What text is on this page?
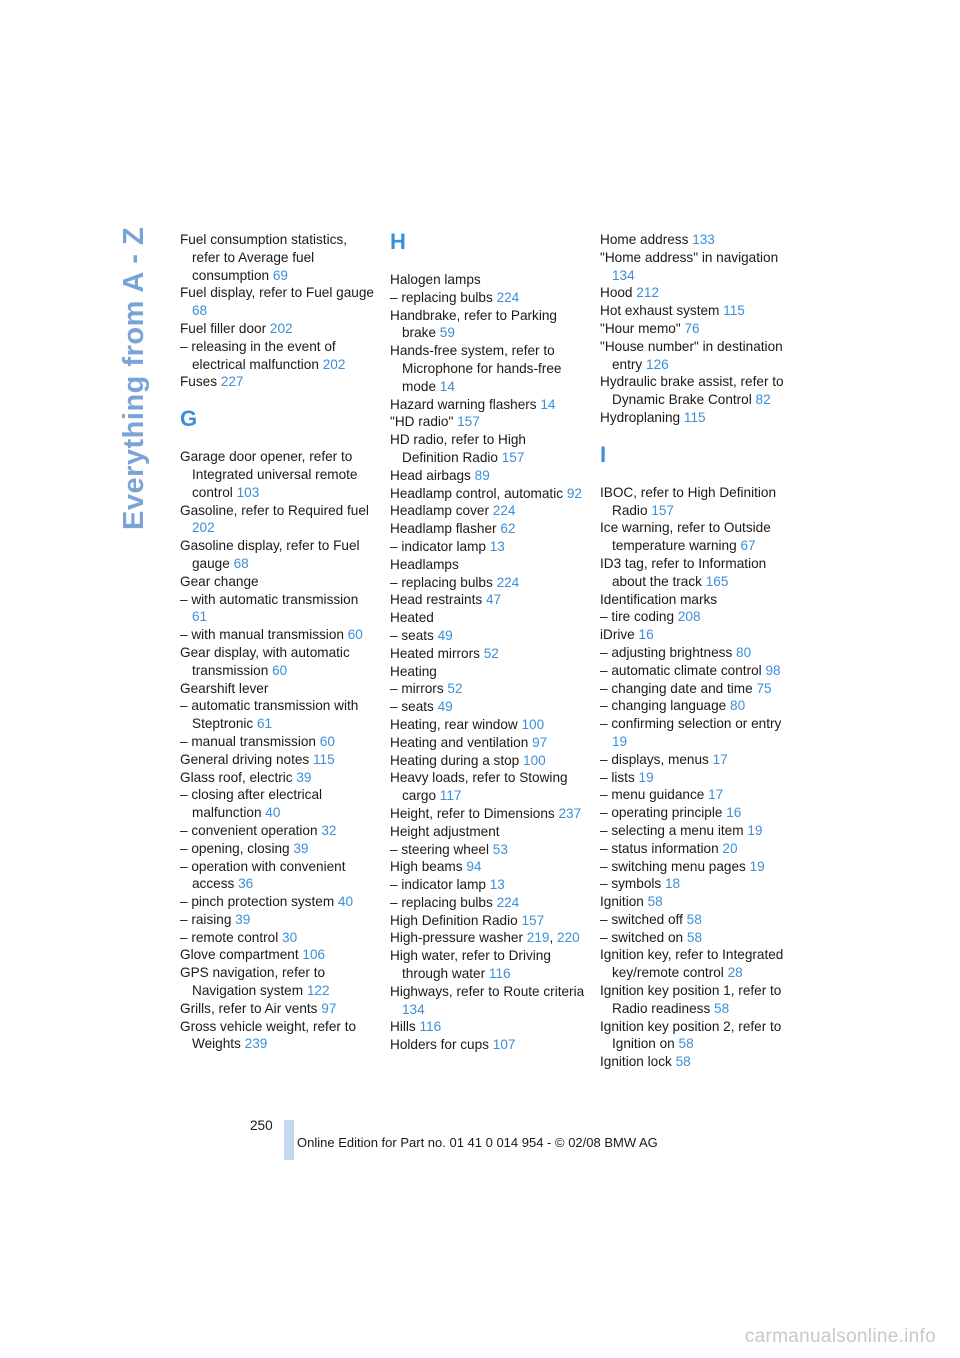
Everything from A - Z Fuel consumption statistics, refer to Average fuel consumption 69
Fuel display, refer to Fuel gauge 68
Fuel filler door 202
– releasing in the event of electrical malfunction 202
Fuses 227
G
Garage door opener, refer to Integrated universal remote control 103
Gasoline, refer to Required fuel 202
Gasoline display, refer to Fuel gauge 68
Gear change
– with automatic transmission 61
– with manual transmission 60
Gear display, with automatic transmission 60
Gearshift lever
– automatic transmission with Steptronic 61
– manual transmission 60
General driving notes 115
Glass roof, electric 39
– closing after electrical malfunction 40
– convenient operation 32
– opening, closing 39
– operation with convenient access 36
– pinch protection system 40
– raising 39
– remote control 30
Glove compartment 106
GPS navigation, refer to Navigation system 122
Grills, refer to Air vents 97
Gross vehicle weight, refer to Weights 239
H
Halogen lamps
– replacing bulbs 224
Handbrake, refer to Parking brake 59
Hands-free system, refer to Microphone for hands-free mode 14
Hazard warning flashers 14
"HD radio" 157
HD radio, refer to High Definition Radio 157
Head airbags 89
Headlamp control, automatic 92
Headlamp cover 224
Headlamp flasher 62
– indicator lamp 13
Headlamps
– replacing bulbs 224
Head restraints 47
Heated
– seats 49
Heated mirrors 52
Heating
– mirrors 52
– seats 49
Heating, rear window 100
Heating and ventilation 97
Heating during a stop 100
Heavy loads, refer to Stowing cargo 117
Height, refer to Dimensions 237
Height adjustment
– steering wheel 53
High beams 94
– indicator lamp 13
– replacing bulbs 224
High Definition Radio 157
High-pressure washer 219, 220
High water, refer to Driving through water 116
Highways, refer to Route criteria 134
Hills 116
Holders for cups 107
Home address 133
"Home address" in navigation 134
Hood 212
Hot exhaust system 115
"Hour memo" 76
"House number" in destination entry 126
Hydraulic brake assist, refer to Dynamic Brake Control 82
Hydroplaning 115
I
IBOC, refer to High Definition Radio 157
Ice warning, refer to Outside temperature warning 67
ID3 tag, refer to Information about the track 165
Identification marks
– tire coding 208
iDrive 16
– adjusting brightness 80
– automatic climate control 98
– changing date and time 75
– changing language 80
– confirming selection or entry 19
– displays, menus 17
– lists 19
– menu guidance 17
– operating principle 16
– selecting a menu item 19
– status information 20
– switching menu pages 19
– symbols 18
Ignition 58
– switched off 58
– switched on 58
Ignition key, refer to Integrated key/remote control 28
Ignition key position 1, refer to Radio readiness 58
Ignition key position 2, refer to Ignition on 58
Ignition lock 58
250
Online Edition for Part no. 01 41 0 014 954 - © 02/08 BMW AG
carmanualsonline.info
